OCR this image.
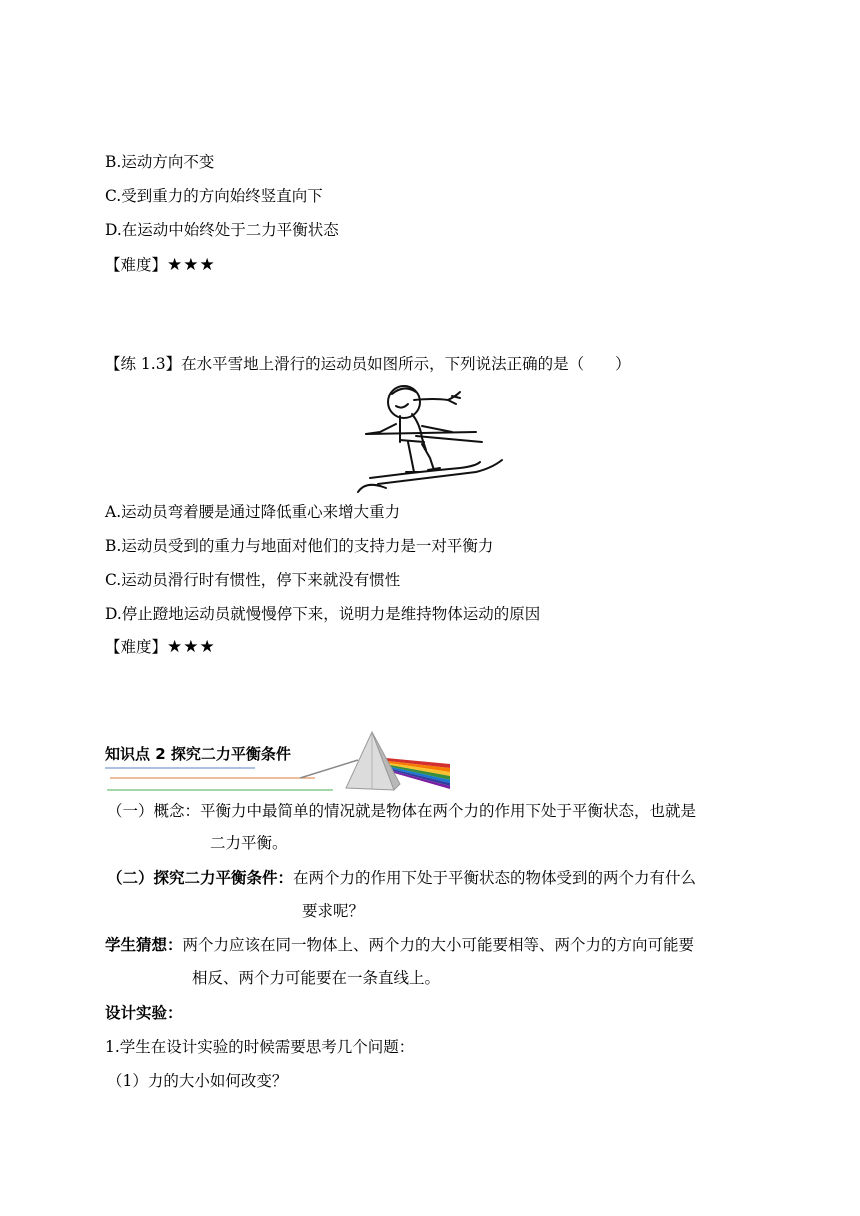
B.运动方向不变
C.受到重力的方向始终竖直向下
D.在运动中始终处于二力平衡状态
【难度】★★★
【练 1.3】在水平雪地上滑行的运动员如图所示，下列说法正确的是（　　）
A.运动员弯着腰是通过降低重心来增大重力
B.运动员受到的重力与地面对他们的支持力是一对平衡力
C.运动员滑行时有惯性，停下来就没有惯性
D.停止蹬地运动员就慢慢停下来，说明力是维持物体运动的原因
【难度】★★★
知识点 2 探究二力平衡条件
（一）概念：平衡力中最简单的情况就是物体在两个力的作用下处于平衡状态，也就是
二力平衡。
（二）探究二力平衡条件：在两个力的作用下处于平衡状态的物体受到的两个力有什么
要求呢？
学生猜想：两个力应该在同一物体上、两个力的大小可能要相等、两个力的方向可能要
相反、两个力可能要在一条直线上。
设计实验：
1.学生在设计实验的时候需要思考几个问题：
（1）力的大小如何改变？
